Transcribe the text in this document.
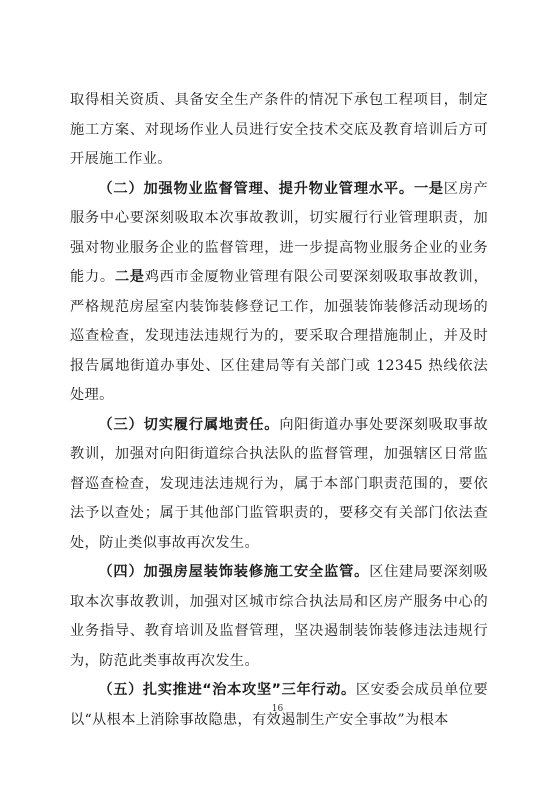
取得相关资质、具备安全生产条件的情况下承包工程项目，制定施工方案、对现场作业人员进行安全技术交底及教育培训后方可开展施工作业。

（二）加强物业监督管理、提升物业管理水平。一是区房产服务中心要深刻吸取本次事故教训，切实履行行业管理职责，加强对物业服务企业的监督管理，进一步提高物业服务企业的业务能力。二是鸡西市金厦物业管理有限公司要深刻吸取事故教训，严格规范房屋室内装饰装修登记工作，加强装饰装修活动现场的巡查检查，发现违法违规行为的，要采取合理措施制止，并及时报告属地街道办事处、区住建局等有关部门或 12345 热线依法处理。

（三）切实履行属地责任。向阳街道办事处要深刻吸取事故教训，加强对向阳街道综合执法队的监督管理，加强辖区日常监督巡查检查，发现违法违规行为，属于本部门职责范围的，要依法予以查处；属于其他部门监管职责的，要移交有关部门依法查处，防止类似事故再次发生。

（四）加强房屋装饰装修施工安全监管。区住建局要深刻吸取本次事故教训，加强对区城市综合执法局和区房产服务中心的业务指导、教育培训及监督管理，坚决遏制装饰装修违法违规行为，防范此类事故再次发生。

（五）扎实推进“治本攻坚”三年行动。区安委会成员单位要以“从根本上消除事故隐患，有效遏制生产安全事故”为根本

16
